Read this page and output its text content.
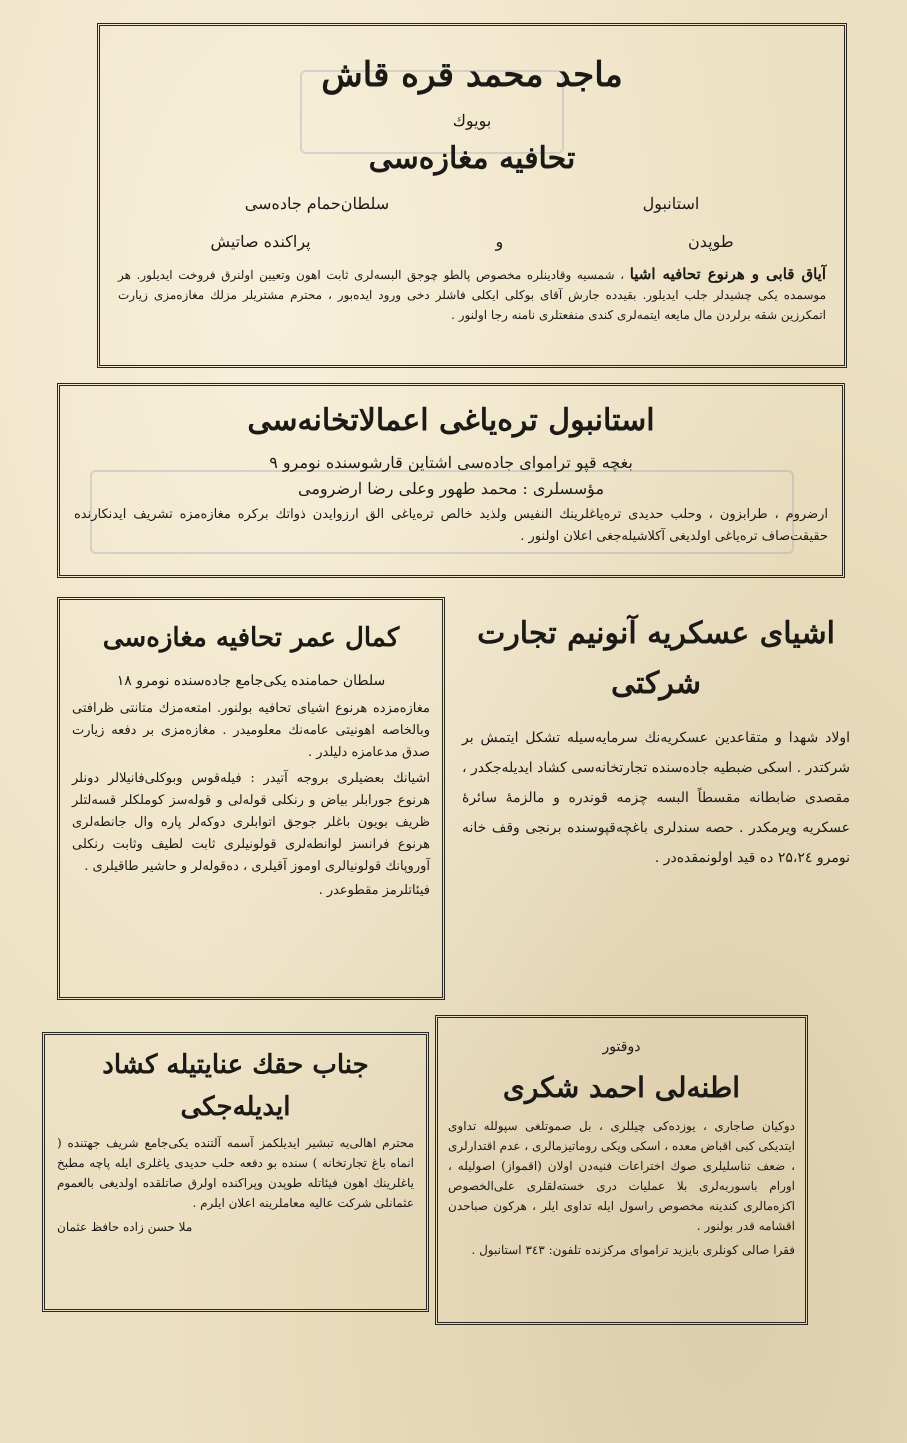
ماجد محمد قره قاش
بویوك
تحافیه مغازه‌سی
استانبول
سلطان‌حمام جاده‌سی
طوپدن
و
پراکنده صاتیش

آیاق قابی و هرنوع تحافیه اشیا ، شمسیه وقادینلره مخصوص پالطو چوجق البسه‌لری ثابت اهون وتعیین اولنرق فروخت ایدیلور. هر موسمده یکی چشیدلر جلب ایدیلور. بقیدده جارش آقای بوکلی ایکلی فاشلر دخی ورود ایده‌بور ، محترم مشتریلر مزلك مغازه‌مزی زیارت اتمکرزین شقه برلردن مال مایعه ایتمه‌لری کندی منفعتلری نامنه رجا اولنور .

استانبول تره‌یاغی اعمالاتخانه‌سی
بغچه قپو تراموای جاده‌سی اشتاین قارشوسنده نومرو ۹
مؤسسلری : محمد طهور وعلی رضا ارضرومی

ارضروم ، طرابزون ، وحلب حدیدی تره‌یاغلرینك النفیس ولذید خالص تره‌یاغی الق ارزوایدن ذواتك برکره مغازه‌مزه تشریف ایدنکارنده حقیقت‌صاف تره‌یاغی اولدیغی آکلاشیله‌جغی اعلان اولنور .

کمال عمر تحافیه مغازه‌سی
سلطان حمامنده یکی‌جامع جاده‌سنده نومرو ۱۸

مغازه‌مزده هرنوع اشیای تحافیه بولنور. امتعه‌مزك متانتی ظرافتی وبالخاصه اهونیتی عامه‌نك معلومیدر . مغازه‌مزی بر دفعه زیارت صدق مدعامزه دلیلدر .

اشیانك بعضیلری بروجه آتیدر : فیله‌قوس وبوکلی‌فانیلالر دونلر هرنوع جورابلر بیاض و رنکلی قوله‌لی و قوله‌سز کوملکلر قسه‌لتلر ظریف بویون باغلر جوجق اتوابلری دوکه‌لر پاره وال جانطه‌لری هرنوع فرانسز لوانطه‌لری قولونیلری ثابت لطیف وثابت رنکلی آوروپانك قولونیالری اوموز آقیلری ، ده‌قوله‌لر و حاشیر طاقیلری .

فیئاتلرمز مقطوعدر .

اشیای عسکریه آنونیم تجارت شرکتی

اولاد شهدا و متقاعدین عسکریه‌نك سرمایه‌سیله تشکل ایتمش بر شرکتدر . اسکی ضبطیه جاده‌سنده تجارتخانه‌سی کشاد ایدیله‌جکدر ، مقصدی ضابطانه مقسطاً البسه چزمه قوندره و مالزمهٔ سائرهٔ عسکریه ویرمکدر . حصه سندلری باغچه‌قپوسنده برنجی وقف خانه نومرو ۲۵،۲٤ ده قید اولونمقده‌در .

جناب حقك عنایتیله کشاد
ایدیله‌جکی

محترم اهالی‌یه تبشیر ایدیلکمز آسمه آلتنده یکی‌جامع شریف جهتنده ( انماه باغ تجارتخانه ) سنده بو دفعه حلب حدیدی یاغلری ایله پاچه مطبخ یاغلرینك اهون فیئاتله طوپدن وپراکنده اولرق صاتلقده اولدیغی بالعموم عثمانلی شرکت عالیه معاملرینه اعلان ایلرم .

ملا حسن زاده حافظ عثمان
دوقتور
اطنه‌لی احمد شکری

دوکیان صاجاری ، یوزده‌کی چیللری ، بل صموتلغی سپولله تداوی ایتدیکی کبی اقباض معده ، اسکی ویکی روماتیزمالری ، عدم اقتدارلری ، ضعف تناسلیلری صوك اختراعات فنیه‌دن اولان (اقمواز) اصولیله ، اورام باسوربه‌لری بلا عملیات دری خسته‌لقلری علی‌الخصوص اکزه‌مالری کندینه مخصوص راسول ایله تداوی ایلر ، هرکون صباحدن اقشامه قدر بولنور .

فقرا صالی کونلری بایزید تراموای مرکزنده تلفون: ۳٤۳ استانبول .
